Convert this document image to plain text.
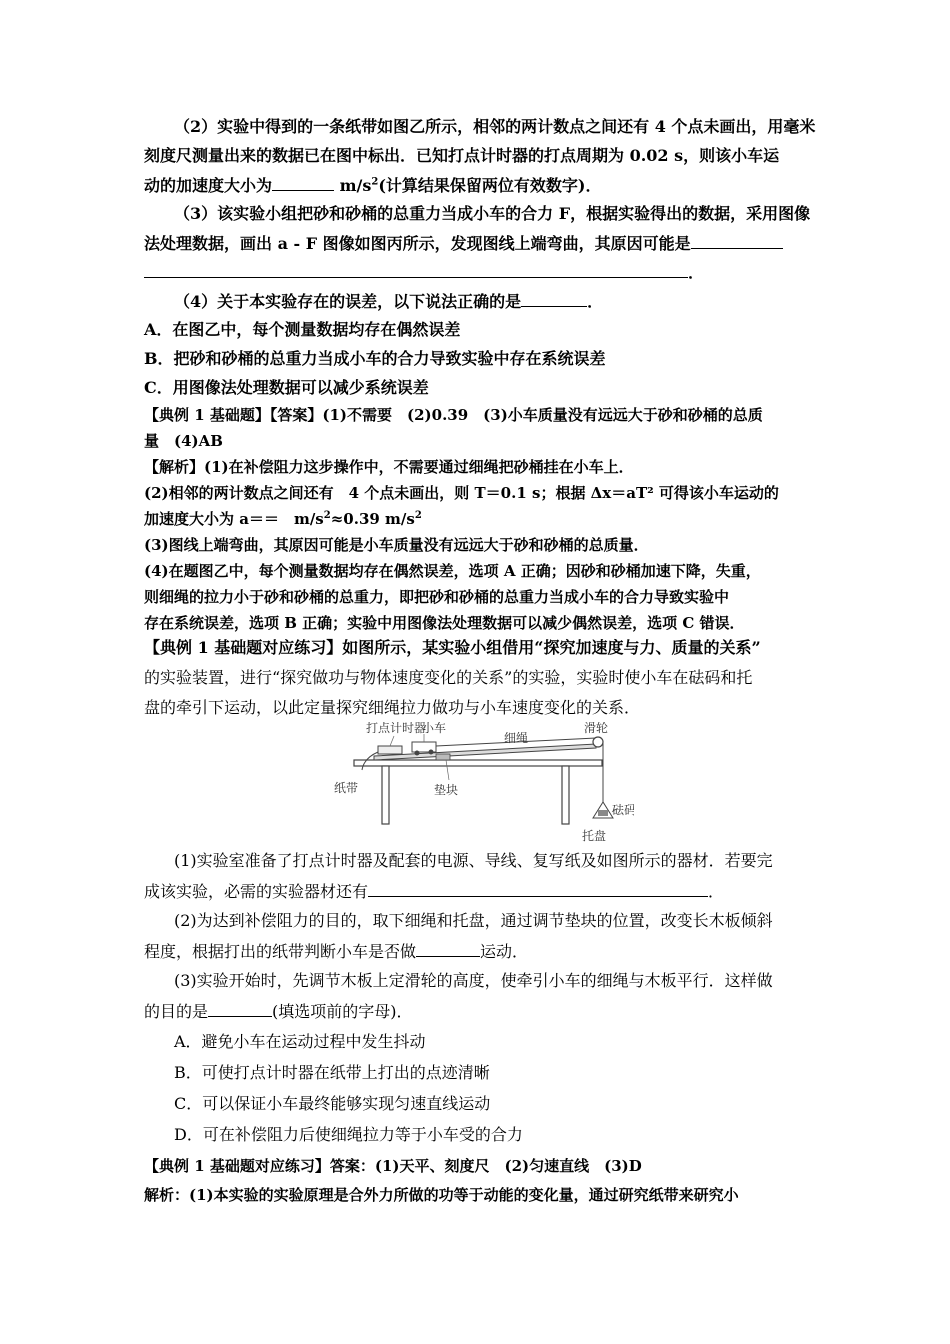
（2）实验中得到的一条纸带如图乙所示，相邻的两计数点之间还有 4 个点未画出，用毫米
刻度尺测量出来的数据已在图中标出．已知打点计时器的打点周期为 0.02 s，则该小车运
动的加速度大小为	$m/s^2$(计算结果保留两位有效数字)．
（3）该实验小组把砂和砂桶的总重力当成小车的合力 F，根据实验得出的数据，采用图像
法处理数据，画出 a - F 图像如图丙所示，发现图线上端弯曲，其原因可能是
．
（4）关于本实验存在的误差，以下说法正确的是	．
A．在图乙中，每个测量数据均存在偶然误差
B．把砂和砂桶的总重力当成小车的合力导致实验中存在系统误差
C．用图像法处理数据可以减少系统误差
【典例 1 基础题】【答案】(1)不需要　(2)0.39　(3)小车质量没有远远大于砂和砂桶的总质
量　(4)AB
【解析】(1)在补偿阻力这步操作中，不需要通过细绳把砂桶挂在小车上．
(2)相邻的两计数点之间还有　4 个点未画出，则 T＝0.1 s；根据 Δx＝aT² 可得该小车运动的
加速度大小为 a＝＝　$m/s^2\approx 0.39$ $m/s^2$
(3)图线上端弯曲，其原因可能是小车质量没有远远大于砂和砂桶的总质量．
(4)在题图乙中，每个测量数据均存在偶然误差，选项 A 正确；因砂和砂桶加速下降，失重，
则细绳的拉力小于砂和砂桶的总重力，即把砂和砂桶的总重力当成小车的合力导致实验中
存在系统误差，选项 B 正确；实验中用图像法处理数据可以减少偶然误差，选项 C 错误．
【典例 1 基础题对应练习】如图所示，某实验小组借用“探究加速度与力、质量的关系”
的实验装置，进行“探究做功与物体速度变化的关系”的实验，实验时使小车在砝码和托
盘的牵引下运动，以此定量探究细绳拉力做功与小车速度变化的关系．
打点计时器
小车
细绳
滑轮
纸带	垫块
砝码
托盘
(1)实验室准备了打点计时器及配套的电源、导线、复写纸及如图所示的器材．若要完
成该实验，必需的实验器材还有	．
(2)为达到补偿阻力的目的，取下细绳和托盘，通过调节垫块的位置，改变长木板倾斜
程度，根据打出的纸带判断小车是否做	运动．
(3)实验开始时，先调节木板上定滑轮的高度，使牵引小车的细绳与木板平行．这样做
的目的是	(填选项前的字母)．
A．避免小车在运动过程中发生抖动
B．可使打点计时器在纸带上打出的点迹清晰
C．可以保证小车最终能够实现匀速直线运动
D．可在补偿阻力后使细绳拉力等于小车受的合力
【典例 1 基础题对应练习】答案：(1)天平、刻度尺　(2)匀速直线　(3)D
解析：(1)本实验的实验原理是合外力所做的功等于动能的变化量，通过研究纸带来研究小
